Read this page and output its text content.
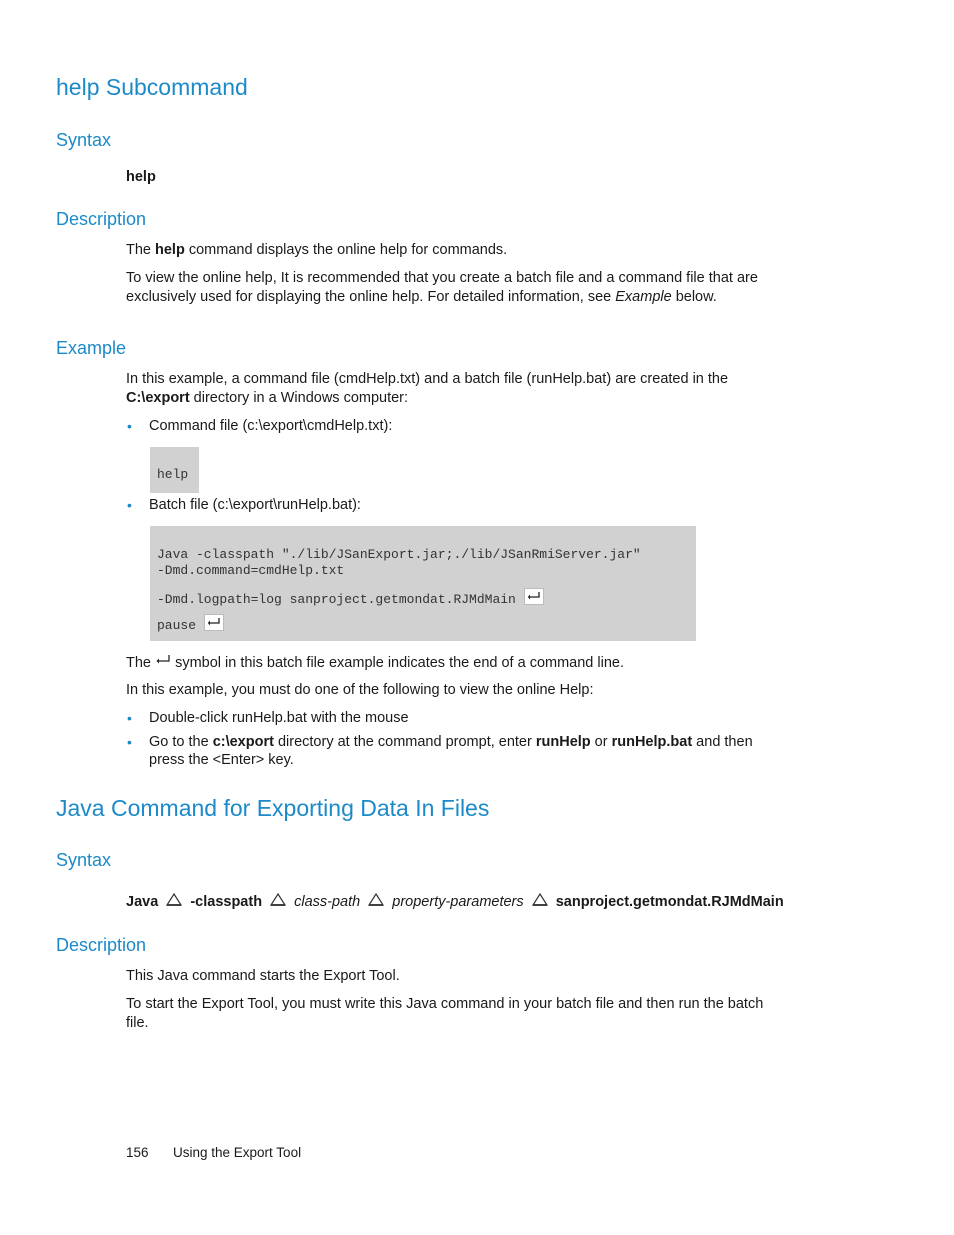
help Subcommand
Syntax
help
Description
The help command displays the online help for commands.
To view the online help, It is recommended that you create a batch file and a command file that are
exclusively used for displaying the online help. For detailed information, see Example below.
Example
In this example, a command file (cmdHelp.txt) and a batch file (runHelp.bat) are created in the
C:\export directory in a Windows computer:
• Command file (c:\export\cmdHelp.txt):
help
• Batch file (c:\export\runHelp.bat):
Java -classpath "./lib/JSanExport.jar;./lib/JSanRmiServer.jar"
-Dmd.command=cmdHelp.txt
-Dmd.logpath=log sanproject.getmondat.RJMdMain
pause
The symbol in this batch file example indicates the end of a command line.
In this example, you must do one of the following to view the online Help:
• Double-click runHelp.bat with the mouse
• Go to the c:\export directory at the command prompt, enter runHelp or runHelp.bat and then
press the <Enter> key.
Java Command for Exporting Data In Files
Syntax
Java -classpath class-path property-parameters sanproject.getmondat.RJMdMain
Description
This Java command starts the Export Tool.
To start the Export Tool, you must write this Java command in your batch file and then run the batch
file.
156 Using the Export Tool
